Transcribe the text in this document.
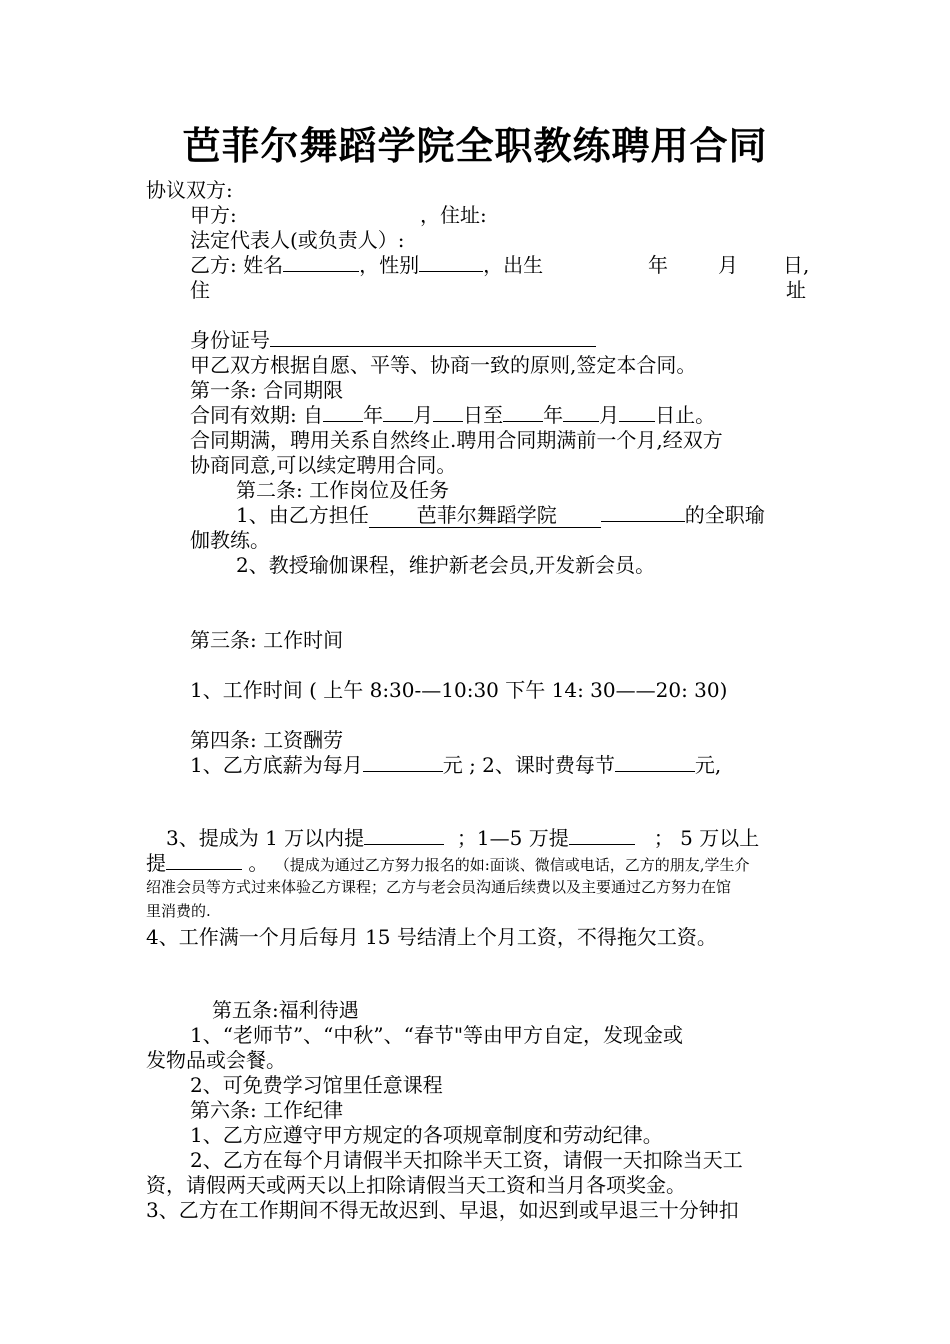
芭菲尔舞蹈学院全职教练聘用合同
协议双方:
甲方:	，住址:
法定代表人(或负责人）:
乙方: 姓名	，性别	，出生	年	月 日,
住	址
身份证号
甲乙双方根据自愿、平等、协商一致的原则,签定本合同。
第一条: 合同期限
合同有效期: 自 年 月 日至 年 月 日止。
合同期满，聘用关系自然终止.聘用合同期满前一个月,经双方
协商同意,可以续定聘用合同。
第二条: 工作岗位及任务
1、由乙方担任 芭菲尔舞蹈学院	的全职瑜
伽教练。
2、教授瑜伽课程，维护新老会员,开发新会员。
第三条: 工作时间
1、工作时间 ( 上午 8:30-—10:30 下午 14: 30——20: 30)
第四条: 工资酬劳
1、乙方底薪为每月	元 ; 2、课时费每节	元,
3、提成为 1 万以内提	；1—5 万提	； 5 万以上
提	。 （提成为通过乙方努力报名的如:面谈、微信或电话，乙方的朋友,学生介
绍准会员等方式过来体验乙方课程；乙方与老会员沟通后续费以及主要通过乙方努力在馆
里消费的.
4、工作满一个月后每月 15 号结清上个月工资，不得拖欠工资。
第五条:福利待遇
1、“老师节”、“中秋”、“春节"等由甲方自定，发现金或
发物品或会餐。
2、可免费学习馆里任意课程
第六条: 工作纪律
1、乙方应遵守甲方规定的各项规章制度和劳动纪律。
2、乙方在每个月请假半天扣除半天工资，请假一天扣除当天工
资，请假两天或两天以上扣除请假当天工资和当月各项奖金。
3、乙方在工作期间不得无故迟到、早退，如迟到或早退三十分钟扣
